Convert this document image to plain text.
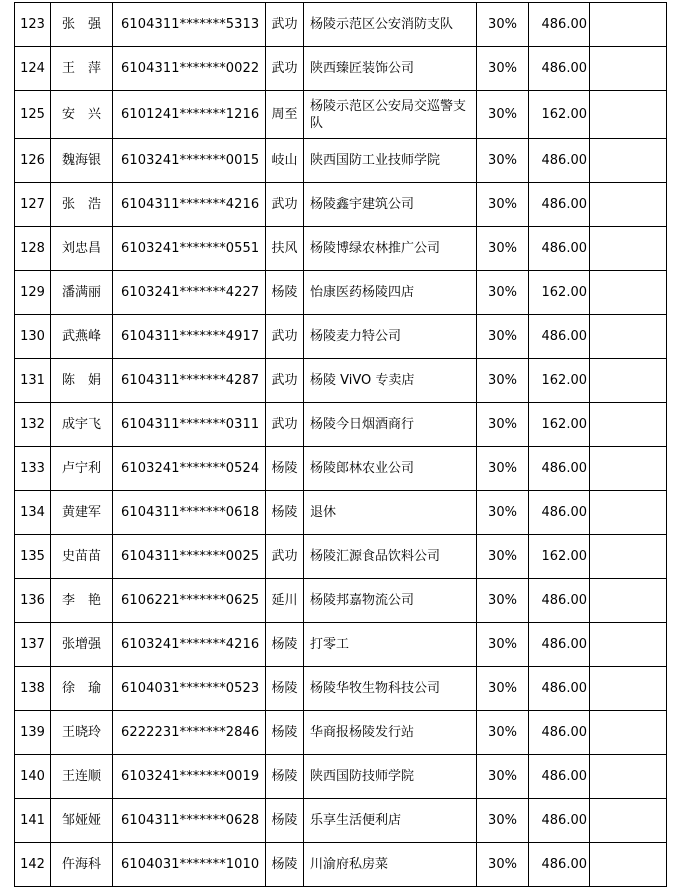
123	张　强	6104311*******5313	武功	杨陵示范区公安消防支队	30%	486.00	
124	王　萍	6104311*******0022	武功	陕西臻匠装饰公司	30%	486.00	
125	安　兴	6101241*******1216	周至	杨陵示范区公安局交巡警支队	30%	162.00	
126	魏海银	6103241*******0015	岐山	陕西国防工业技师学院	30%	486.00	
127	张　浩	6104311*******4216	武功	杨陵鑫宇建筑公司	30%	486.00	
128	刘忠昌	6103241*******0551	扶风	杨陵博绿农林推广公司	30%	486.00	
129	潘满丽	6103241*******4227	杨陵	怡康医药杨陵四店	30%	162.00	
130	武燕峰	6104311*******4917	武功	杨陵麦力特公司	30%	486.00	
131	陈　娟	6104311*******4287	武功	杨陵 ViVO 专卖店	30%	162.00	
132	成宇飞	6104311*******0311	武功	杨陵今日烟酒商行	30%	162.00	
133	卢宁利	6103241*******0524	杨陵	杨陵郎林农业公司	30%	486.00	
134	黄建军	6104311*******0618	杨陵	退休	30%	486.00	
135	史苗苗	6104311*******0025	武功	杨陵汇源食品饮料公司	30%	162.00	
136	李　艳	6106221*******0625	延川	杨陵邦嘉物流公司	30%	486.00	
137	张增强	6103241*******4216	杨陵	打零工	30%	486.00	
138	徐　瑜	6104031*******0523	杨陵	杨陵华牧生物科技公司	30%	486.00	
139	王晓玲	6222231*******2846	杨陵	华商报杨陵发行站	30%	486.00	
140	王连顺	6103241*******0019	杨陵	陕西国防技师学院	30%	486.00	
141	邹娅娅	6104311*******0628	杨陵	乐享生活便利店	30%	486.00	
142	仵海科	6104031*******1010	杨陵	川渝府私房菜	30%	486.00	
